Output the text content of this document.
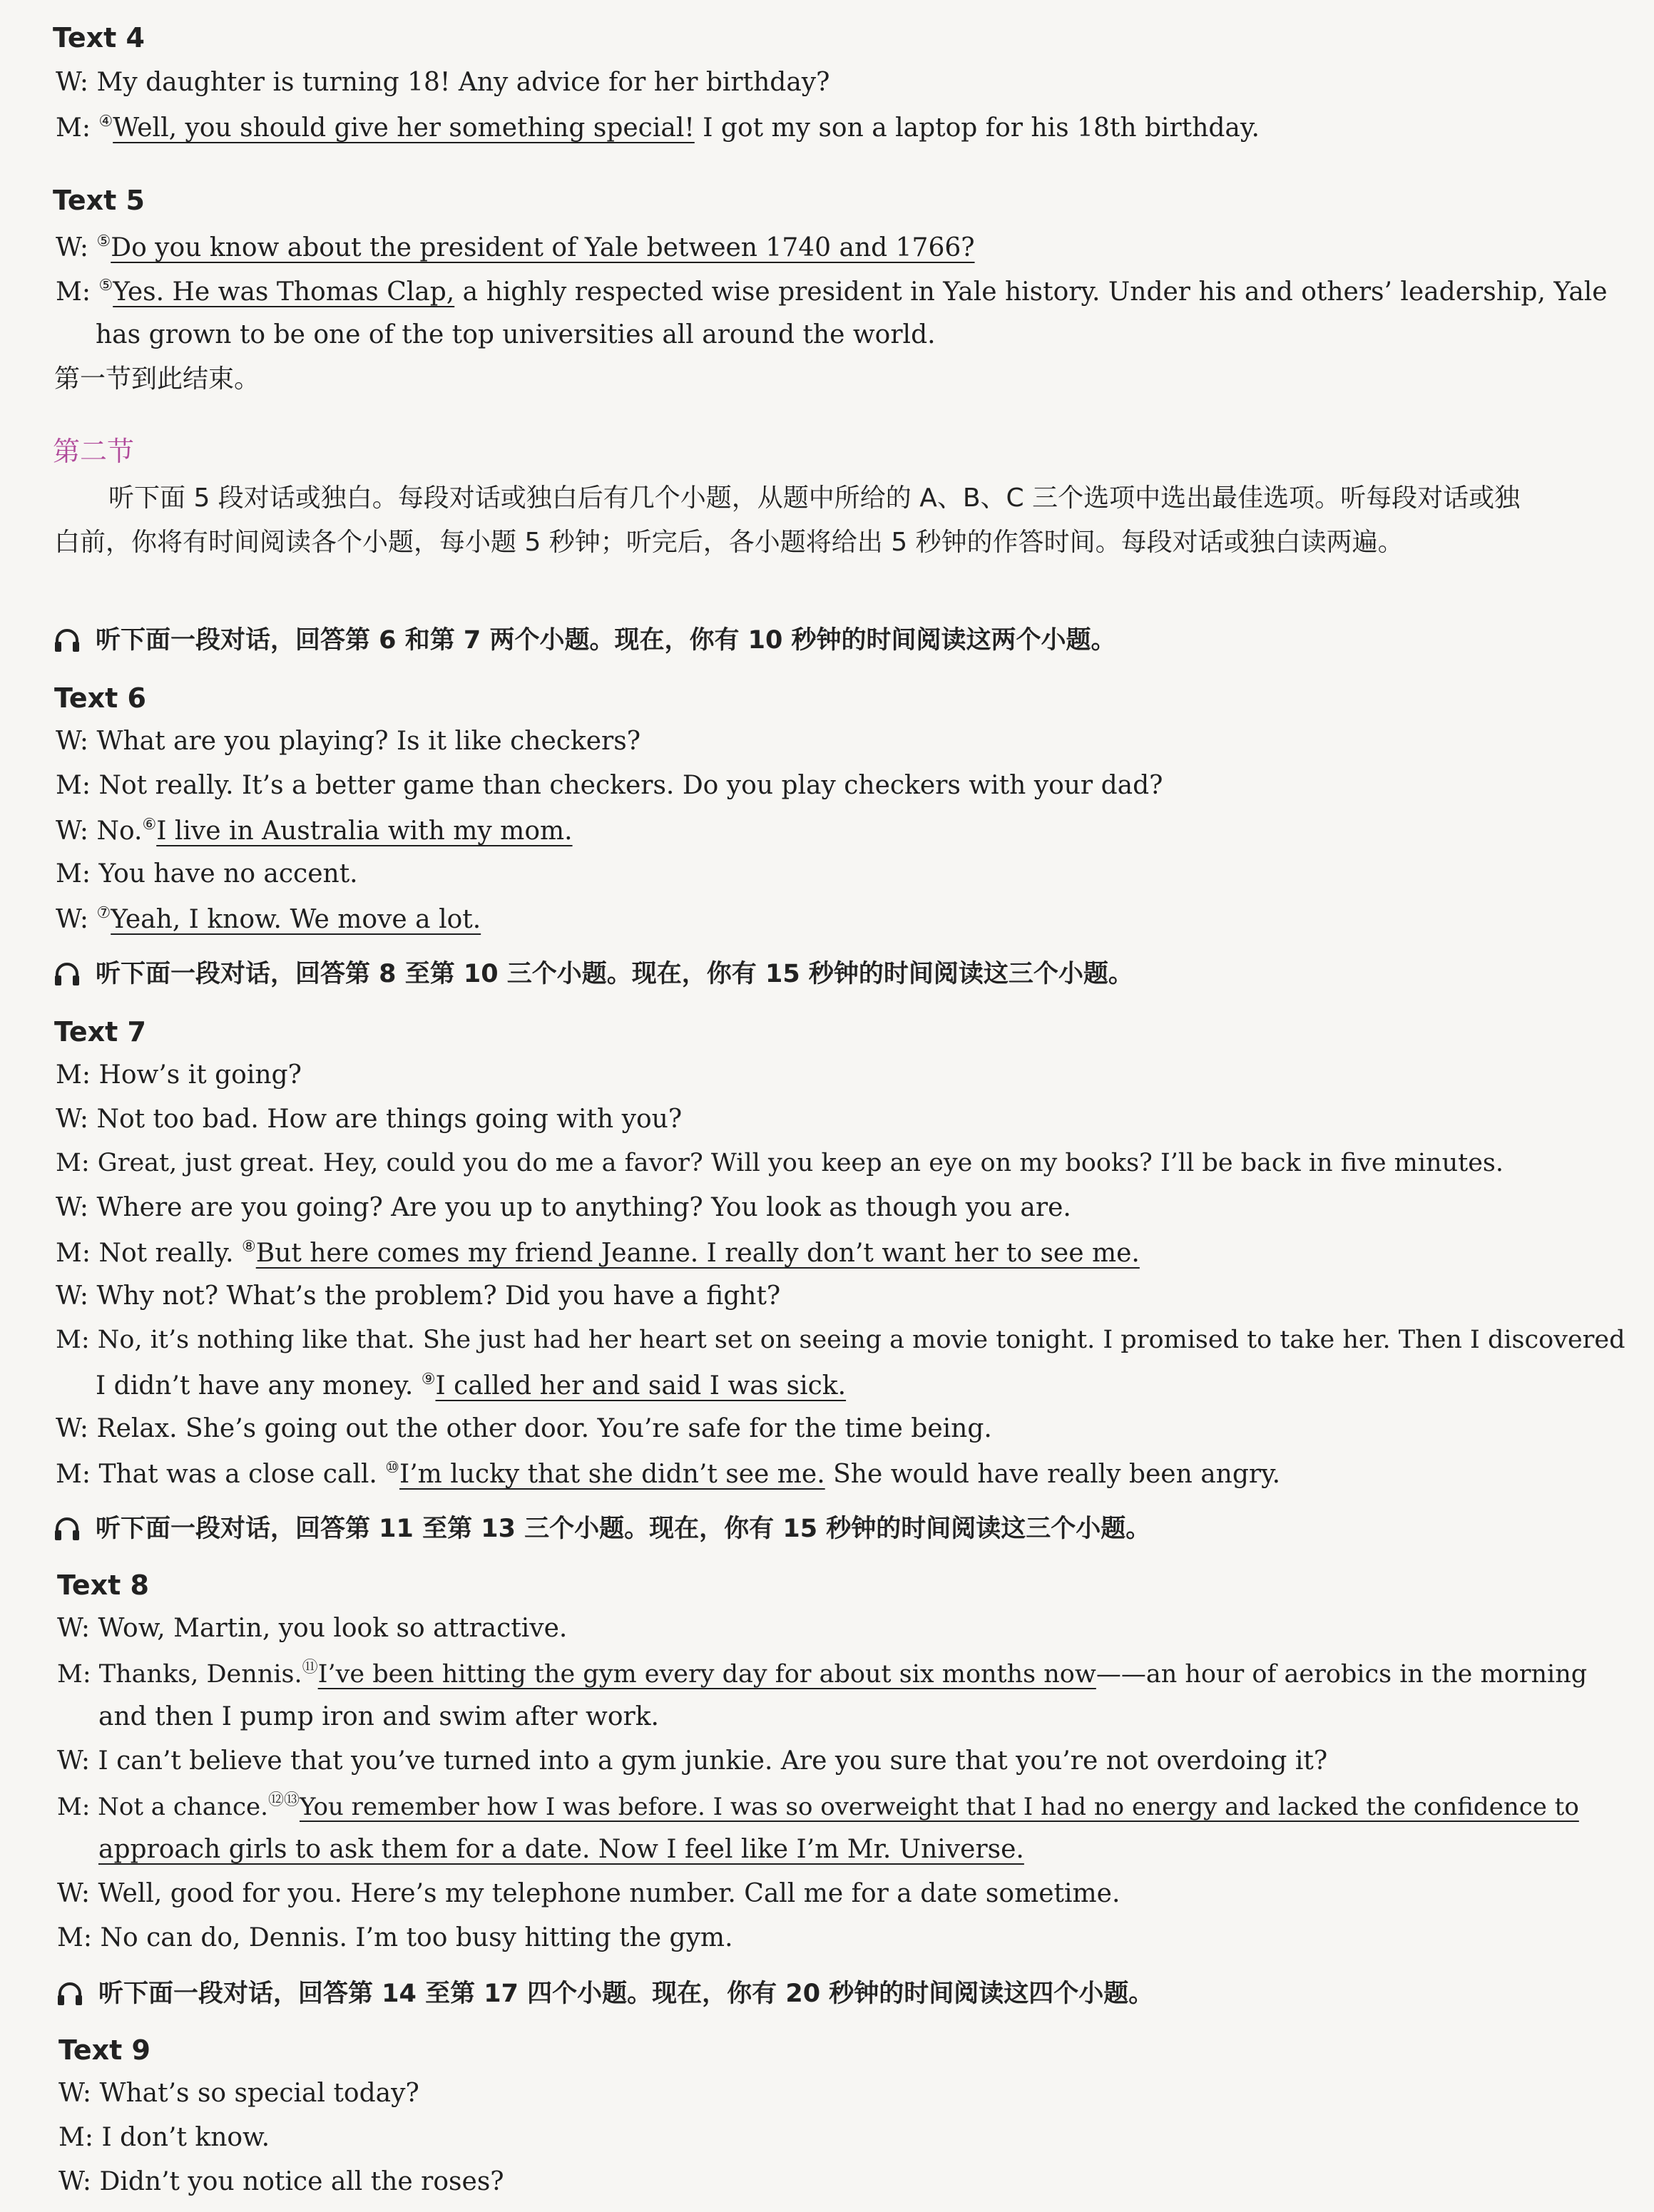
Text 4
W: My daughter is turning 18! Any advice for her birthday?
M: ④Well, you should give her something special! I got my son a laptop for his 18th birthday.
Text 5
W: ⑤Do you know about the president of Yale between 1740 and 1766?
M: ⑤Yes. He was Thomas Clap, a highly respected wise president in Yale history. Under his and others’ leadership, Yale
has grown to be one of the top universities all around the world.
第一节到此结束。
第二节
听下面 5 段对话或独白。每段对话或独白后有几个小题，从题中所给的 A、B、C 三个选项中选出最佳选项。听每段对话或独白前，你将有时间阅读各个小题，每小题 5 秒钟；听完后，各小题将给出 5 秒钟的作答时间。每段对话或独白读两遍。
听下面一段对话，回答第 6 和第 7 两个小题。现在，你有 10 秒钟的时间阅读这两个小题。
Text 6
W: What are you playing? Is it like checkers?
M: Not really. It’s a better game than checkers. Do you play checkers with your dad?
W: No.⑥I live in Australia with my mom.
M: You have no accent.
W: ⑦Yeah, I know. We move a lot.
听下面一段对话，回答第 8 至第 10 三个小题。现在，你有 15 秒钟的时间阅读这三个小题。
Text 7
M: How’s it going?
W: Not too bad. How are things going with you?
M: Great, just great. Hey, could you do me a favor? Will you keep an eye on my books? I’ll be back in five minutes.
W: Where are you going? Are you up to anything? You look as though you are.
M: Not really. ⑧But here comes my friend Jeanne. I really don’t want her to see me.
W: Why not? What’s the problem? Did you have a fight?
M: No, it’s nothing like that. She just had her heart set on seeing a movie tonight. I promised to take her. Then I discovered
I didn’t have any money. ⑨I called her and said I was sick.
W: Relax. She’s going out the other door. You’re safe for the time being.
M: That was a close call. ⑩I’m lucky that she didn’t see me. She would have really been angry.
听下面一段对话，回答第 11 至第 13 三个小题。现在，你有 15 秒钟的时间阅读这三个小题。
Text 8
W: Wow, Martin, you look so attractive.
M: Thanks, Dennis.⑪I’ve been hitting the gym every day for about six months now——an hour of aerobics in the morning
and then I pump iron and swim after work.
W: I can’t believe that you’ve turned into a gym junkie. Are you sure that you’re not overdoing it?
M: Not a chance.⑫⑬You remember how I was before. I was so overweight that I had no energy and lacked the confidence to
approach girls to ask them for a date. Now I feel like I’m Mr. Universe.
W: Well, good for you. Here’s my telephone number. Call me for a date sometime.
M: No can do, Dennis. I’m too busy hitting the gym.
听下面一段对话，回答第 14 至第 17 四个小题。现在，你有 20 秒钟的时间阅读这四个小题。
Text 9
W: What’s so special today?
M: I don’t know.
W: Didn’t you notice all the roses?
